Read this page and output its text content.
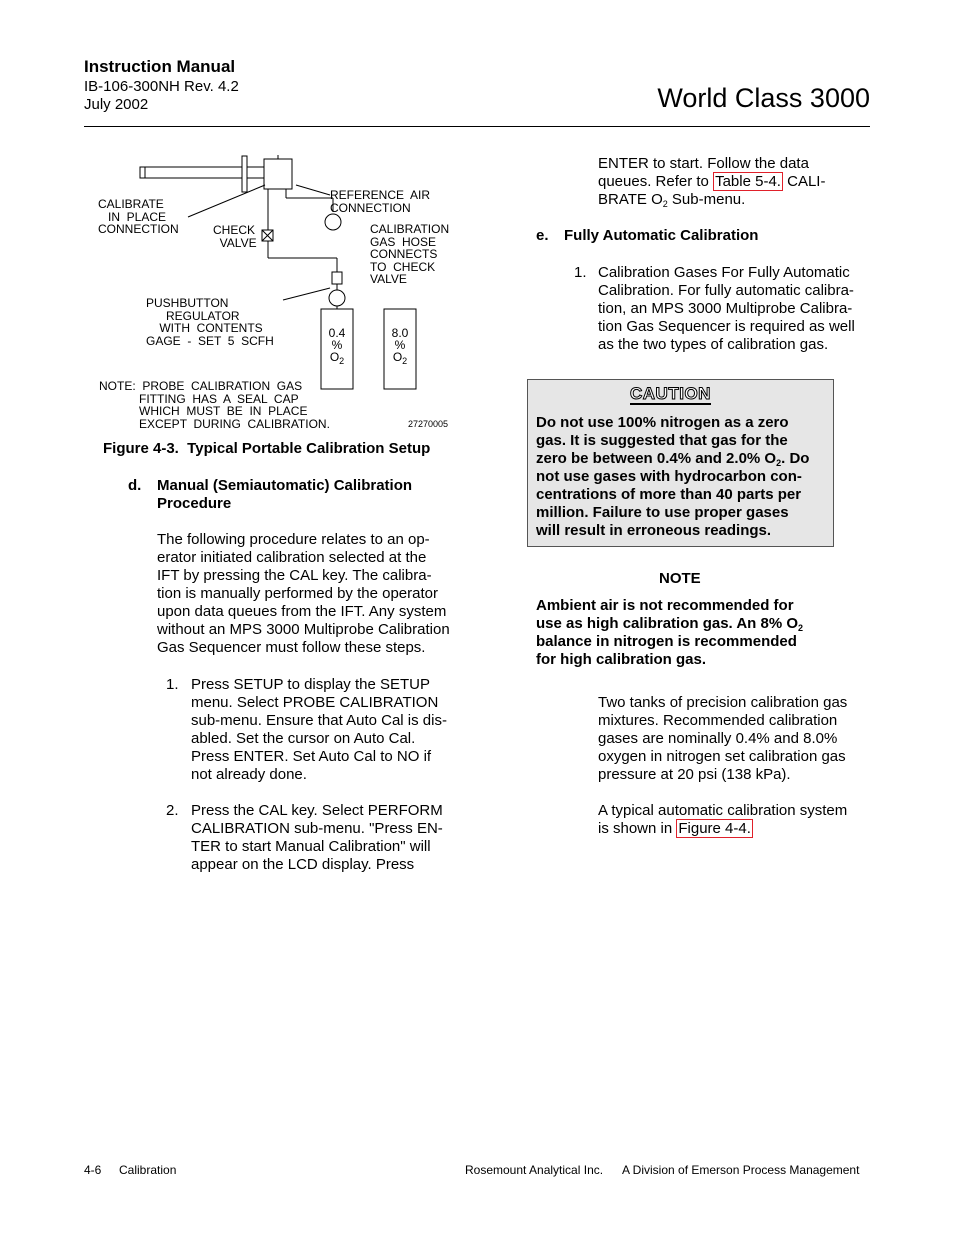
Instruction Manual
IB-106-300NH Rev. 4.2
July 2002	World Class 3000
CALIBRATE
IN  PLACE
CONNECTION	CHECK
VALVE
REFERENCE  AIR
CONNECTION
CALIBRATION
GAS  HOSE
CONNECTS
TO  CHECK
VALVE
PUSHBUTTON
REGULATOR
WITH  CONTENTS
GAGE  -  SET  5  SCFH
0.4
%
$O_2$
8.0
%
$O_2$
NOTE:  PROBE  CALIBRATION  GAS
FITTING  HAS  A  SEAL  CAP
WHICH  MUST  BE  IN  PLACE
EXCEPT  DURING  CALIBRATION.	27270005
Figure 4-3.  Typical Portable Calibration Setup
d. Manual (Semiautomatic) Calibration
Procedure
The following procedure relates to an op-
erator initiated calibration selected at the
IFT by pressing the CAL key. The calibra-
tion is manually performed by the operator
upon data queues from the IFT. Any system
without an MPS 3000 Multiprobe Calibration
Gas Sequencer must follow these steps.
1. Press SETUP to display the SETUP
menu. Select PROBE CALIBRATION
sub-menu. Ensure that Auto Cal is dis-
abled. Set the cursor on Auto Cal.
Press ENTER. Set Auto Cal to NO if
not already done.
2. Press the CAL key. Select PERFORM
CALIBRATION sub-menu. "Press EN-
TER to start Manual Calibration" will
appear on the LCD display. Press
ENTER to start. Follow the data
queues. Refer to Table 5-4. CALI-
BRATE $O_2$ Sub-menu.
e. Fully Automatic Calibration
1. Calibration Gases For Fully Automatic
Calibration. For fully automatic calibra-
tion, an MPS 3000 Multiprobe Calibra-
tion Gas Sequencer is required as well
as the two types of calibration gas.
CAUTION
Do not use 100% nitrogen as a zero
gas. It is suggested that gas for the
zero be between 0.4% and 2.0% $O_2$. Do
not use gases with hydrocarbon con-
centrations of more than 40 parts per
million. Failure to use proper gases
will result in erroneous readings.
NOTE
Ambient air is not recommended for
use as high calibration gas. An 8% $O_2$
balance in nitrogen is recommended
for high calibration gas.
Two tanks of precision calibration gas
mixtures. Recommended calibration
gases are nominally 0.4% and 8.0%
oxygen in nitrogen set calibration gas
pressure at 20 psi (138 kPa).
A typical automatic calibration system
is shown in Figure 4-4.
4-6 Calibration	Rosemount Analytical Inc. A Division of Emerson Process Management
